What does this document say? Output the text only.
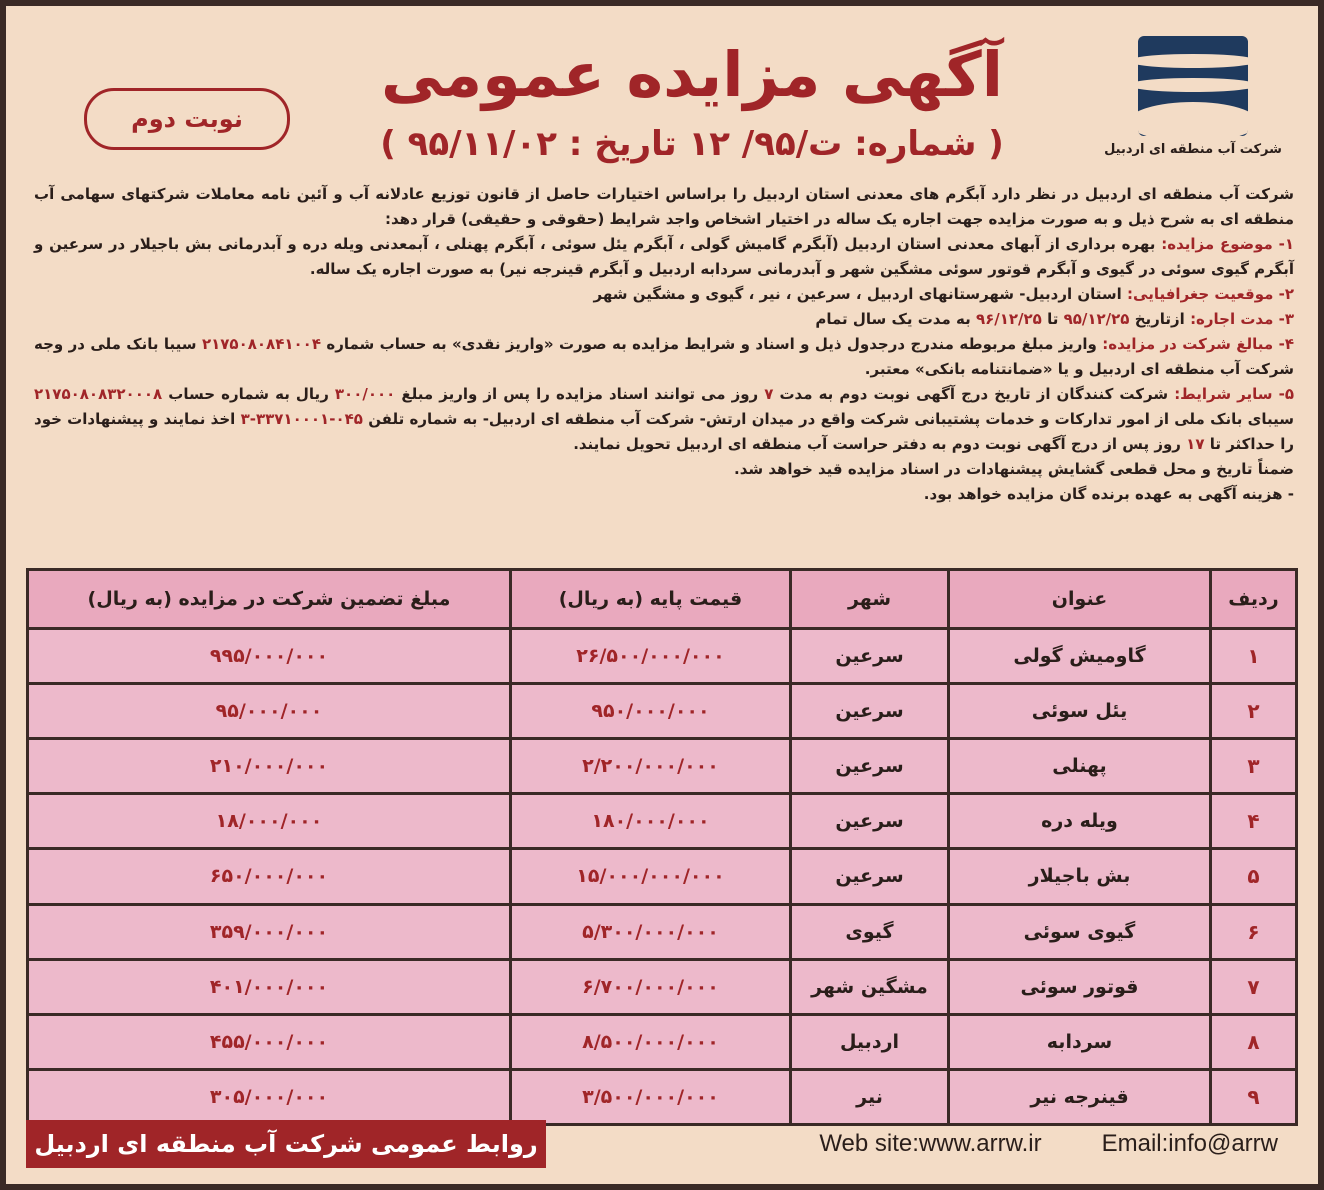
شرکت آب منطقه ای اردبیل
آگهی مزایده عمومی
( شماره: ت/۹۵/ ۱۲ تاریخ : ۹۵/۱۱/۰۲ )
نوبت دوم

شرکت آب منطقه ای اردبیل در نظر دارد آبگرم های معدنی استان اردبیل را براساس اختیارات حاصل از قانون توزیع عادلانه آب و آئین نامه معاملات شرکتهای سهامی آب منطقه ای به شرح ذیل و به صورت مزایده جهت اجاره یک ساله در اختیار اشخاص واجد شرایط (حقوقی و حقیقی) قرار دهد:

۱- موضوع مزایده: بهره برداری از آبهای معدنی استان اردبیل (آبگرم گامیش گولی ، آبگرم یئل سوئی ، آبگرم پهنلی ، آبمعدنی ویله دره و آبدرمانی بش باجیلار در سرعین و آبگرم گیوی سوئی در گیوی و آبگرم قوتور سوئی مشگین شهر و آبدرمانی سردابه اردبیل و آبگرم قینرجه نیر) به صورت اجاره یک ساله.

۲- موقعیت جغرافیایی: استان اردبیل- شهرستانهای اردبیل ، سرعین ، نیر ، گیوی و مشگین شهر

۳- مدت اجاره: ازتاریخ ۹۵/۱۲/۲۵ تا ۹۶/۱۲/۲۵ به مدت یک سال تمام

۴- مبالغ شرکت در مزایده: واریز مبلغ مربوطه مندرج درجدول ذیل و اسناد و شرایط مزایده به صورت «واریز نقدی» به حساب شماره ۲۱۷۵۰۸۰۸۴۱۰۰۴ سیبا بانک ملی در وجه شرکت آب منطقه ای اردبیل و یا «ضمانتنامه بانکی» معتبر.

۵- سایر شرایط: شرکت کنندگان از تاریخ درج آگهی نوبت دوم به مدت ۷ روز می توانند اسناد مزایده را پس از واریز مبلغ ۳۰۰/۰۰۰ ریال به شماره حساب ۲۱۷۵۰۸۰۸۳۲۰۰۰۸ سیبای بانک ملی از امور تدارکات و خدمات پشتیبانی شرکت واقع در میدان ارتش- شرکت آب منطقه ای اردبیل- به شماره تلفن ۰۴۵-۳۳۷۱۰۰۰۱-۳ اخذ نمایند و پیشنهادات خود را حداکثر تا ۱۷ روز پس از درج آگهی نوبت دوم به دفتر حراست آب منطقه ای اردبیل تحویل نمایند.

ضمناً تاریخ و محل قطعی گشایش پیشنهادات در اسناد مزایده قید خواهد شد.

- هزینه آگهی به عهده برنده گان مزایده خواهد بود.

ردیف	عنوان	شهر	قیمت پایه (به ریال)	مبلغ تضمین شرکت در مزایده (به ریال)
۱	گاومیش گولی	سرعین	۲۶/۵۰۰/۰۰۰/۰۰۰	۹۹۵/۰۰۰/۰۰۰
۲	یئل سوئی	سرعین	۹۵۰/۰۰۰/۰۰۰	۹۵/۰۰۰/۰۰۰
۳	پهنلی	سرعین	۲/۲۰۰/۰۰۰/۰۰۰	۲۱۰/۰۰۰/۰۰۰
۴	ویله دره	سرعین	۱۸۰/۰۰۰/۰۰۰	۱۸/۰۰۰/۰۰۰
۵	بش باجیلار	سرعین	۱۵/۰۰۰/۰۰۰/۰۰۰	۶۵۰/۰۰۰/۰۰۰
۶	گیوی سوئی	گیوی	۵/۳۰۰/۰۰۰/۰۰۰	۳۵۹/۰۰۰/۰۰۰
۷	قوتور سوئی	مشگین شهر	۶/۷۰۰/۰۰۰/۰۰۰	۴۰۱/۰۰۰/۰۰۰
۸	سردابه	اردبیل	۸/۵۰۰/۰۰۰/۰۰۰	۴۵۵/۰۰۰/۰۰۰
۹	قینرجه نیر	نیر	۳/۵۰۰/۰۰۰/۰۰۰	۳۰۵/۰۰۰/۰۰۰
روابط عمومی شرکت آب منطقه ای اردبیل	Web site:www.arrw.ir	Email:info@arrw
